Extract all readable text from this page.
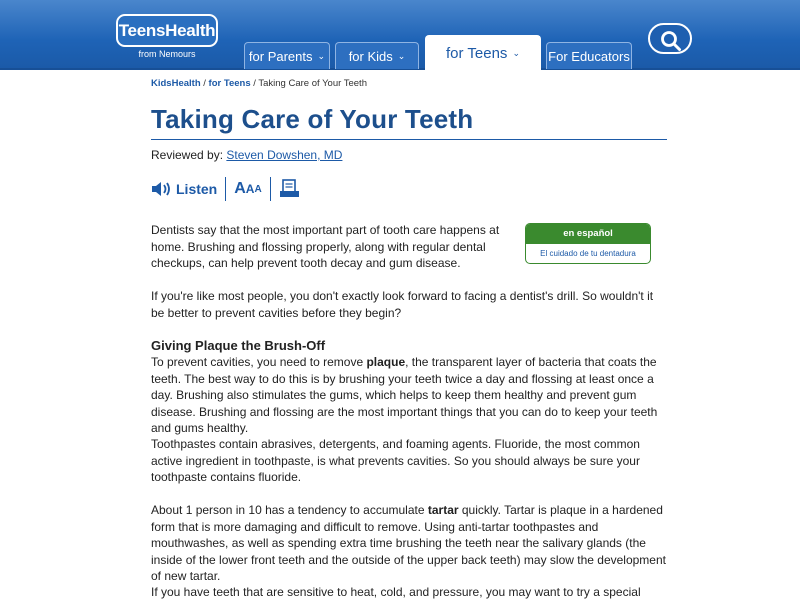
TeensHealth
from Nemours	for Parents ⌄ for Kids ⌄	for Teens ⌄ For Educators
KidsHealth / for Teens / Taking Care of Your Teeth
Taking Care of Your Teeth
Reviewed by: Steven Dowshen, MD
Listen A A A
en español
El cuidado de tu dentadura

Dentists say that the most important part of tooth care happens at home. Brushing and flossing properly, along with regular dental checkups, can help prevent tooth decay and gum disease.

If you're like most people, you don't exactly look forward to facing a dentist's drill. So wouldn't it be better to prevent cavities before they begin?

Giving Plaque the Brush-Off

To prevent cavities, you need to remove plaque, the transparent layer of bacteria that coats the teeth. The best way to do this is by brushing your teeth twice a day and flossing at least once a day. Brushing also stimulates the gums, which helps to keep them healthy and prevent gum disease. Brushing and flossing are the most important things that you can do to keep your teeth and gums healthy.

Toothpastes contain abrasives, detergents, and foaming agents. Fluoride, the most common active ingredient in toothpaste, is what prevents cavities. So you should always be sure your toothpaste contains fluoride.

About 1 person in 10 has a tendency to accumulate tartar quickly. Tartar is plaque in a hardened form that is more damaging and difficult to remove. Using anti-tartar toothpastes and mouthwashes, as well as spending extra time brushing the teeth near the salivary glands (the inside of the lower front teeth and the outside of the upper back teeth) may slow the development of new tartar.

If you have teeth that are sensitive to heat, cold, and pressure, you may want to try a special
